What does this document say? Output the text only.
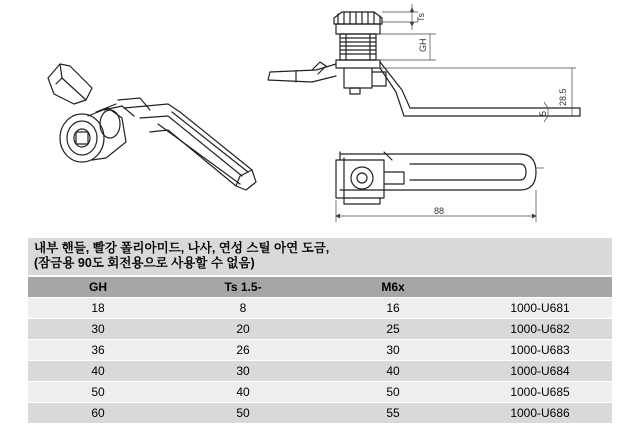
Ts
GH
28.5
5
88
내부 핸들, 빨강 폴리아미드, 나사, 연성 스틸 아연 도금,
(잠금용 90도 회전용으로 사용할 수 없음)			

GH	Ts 1.5-	M6x	
18	8	16	1000-U681
30	20	25	1000-U682
36	26	30	1000-U683
40	30	40	1000-U684
50	40	50	1000-U685
60	50	55	1000-U686
